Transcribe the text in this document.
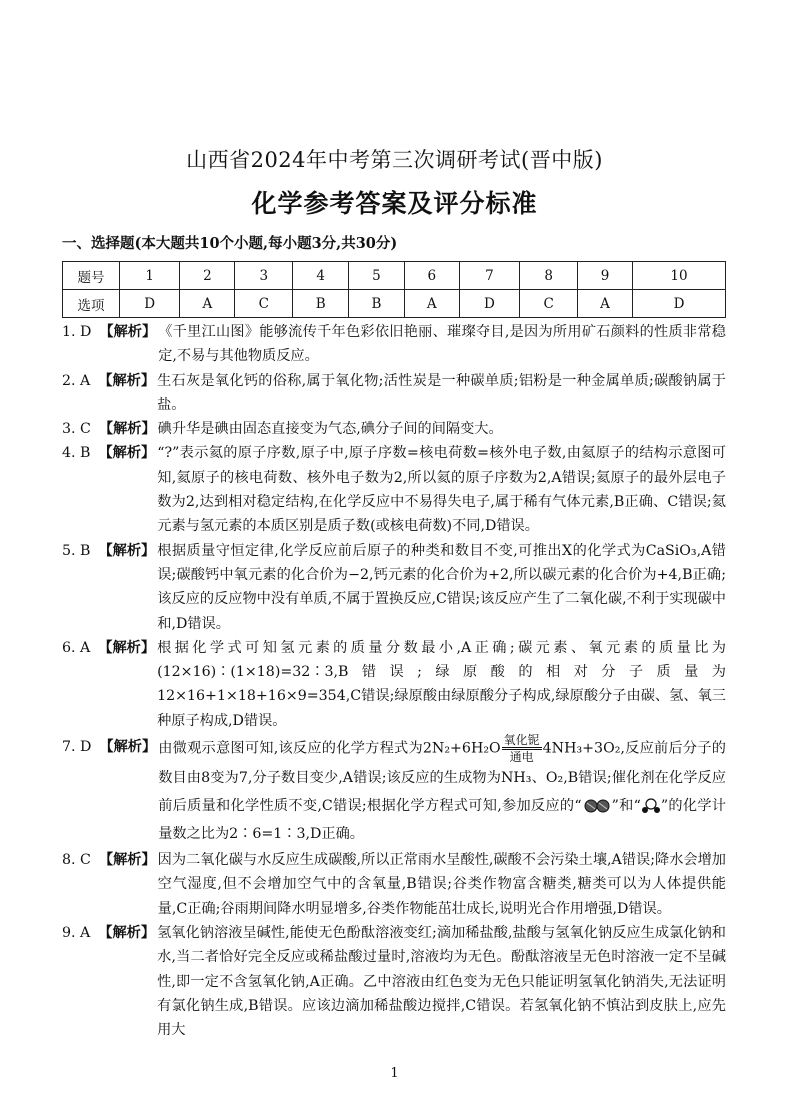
山西省2024年中考第三次调研考试(晋中版)
化学参考答案及评分标准
一、选择题(本大题共10个小题,每小题3分,共30分)
题号	1	2	3	4	5	6	7	8	9	10
选项	D	A	C	B	B	A	D	C	A	D
1. D 【解析】 《千里江山图》能够流传千年色彩依旧艳丽、璀璨夺目,是因为所用矿石颜料的性质非常稳定,不易与其他物质反应。
2. A 【解析】 生石灰是氧化钙的俗称,属于氧化物;活性炭是一种碳单质;铝粉是一种金属单质;碳酸钠属于盐。
3. C 【解析】 碘升华是碘由固态直接变为气态,碘分子间的间隔变大。
4. B 【解析】 “?”表示氦的原子序数,原子中,原子序数=核电荷数=核外电子数,由氦原子的结构示意图可知,氦原子的核电荷数、核外电子数为2,所以氦的原子序数为2,A错误;氦原子的最外层电子数为2,达到相对稳定结构,在化学反应中不易得失电子,属于稀有气体元素,B正确、C错误;氦元素与氢元素的本质区别是质子数(或核电荷数)不同,D错误。
5. B 【解析】 根据质量守恒定律,化学反应前后原子的种类和数目不变,可推出X的化学式为CaSiO₃,A错误;碳酸钙中氧元素的化合价为−2,钙元素的化合价为+2,所以碳元素的化合价为+4,B正确;该反应的反应物中没有单质,不属于置换反应,C错误;该反应产生了二氧化碳,不利于实现碳中和,D错误。
6. A 【解析】 根据化学式可知氢元素的质量分数最小,A正确;碳元素、氧元素的质量比为(12×16)∶(1×18)=32∶3,B错误;绿原酸的相对分子质量为12×16+1×18+16×9=354,C错误;绿原酸由绿原酸分子构成,绿原酸分子由碳、氢、氧三种原子构成,D错误。
7. D 【解析】 由微观示意图可知,该反应的化学方程式为2N₂+6H₂O
氧化铌
通电
4NH₃+3O₂,反应前后分子的数目由8变为7,分子数目变少,A错误;该反应的生成物为NH₃、O₂,B错误;催化剂在化学反应前后质量和化学性质不变,C错误;根据化学方程式可知,参加反应的“ ”和“ ”的化学计量数之比为2∶6=1∶3,D正确。
8. C 【解析】 因为二氧化碳与水反应生成碳酸,所以正常雨水呈酸性,碳酸不会污染土壤,A错误;降水会增加空气湿度,但不会增加空气中的含氧量,B错误;谷类作物富含糖类,糖类可以为人体提供能量,C正确;谷雨期间降水明显增多,谷类作物能茁壮成长,说明光合作用增强,D错误。
9. A 【解析】 氢氧化钠溶液呈碱性,能使无色酚酞溶液变红;滴加稀盐酸,盐酸与氢氧化钠反应生成氯化钠和水,当二者恰好完全反应或稀盐酸过量时,溶液均为无色。酚酞溶液呈无色时溶液一定不呈碱性,即一定不含氢氧化钠,A正确。乙中溶液由红色变为无色只能证明氢氧化钠消失,无法证明有氯化钠生成,B错误。应该边滴加稀盐酸边搅拌,C错误。若氢氧化钠不慎沾到皮肤上,应先用大
1
